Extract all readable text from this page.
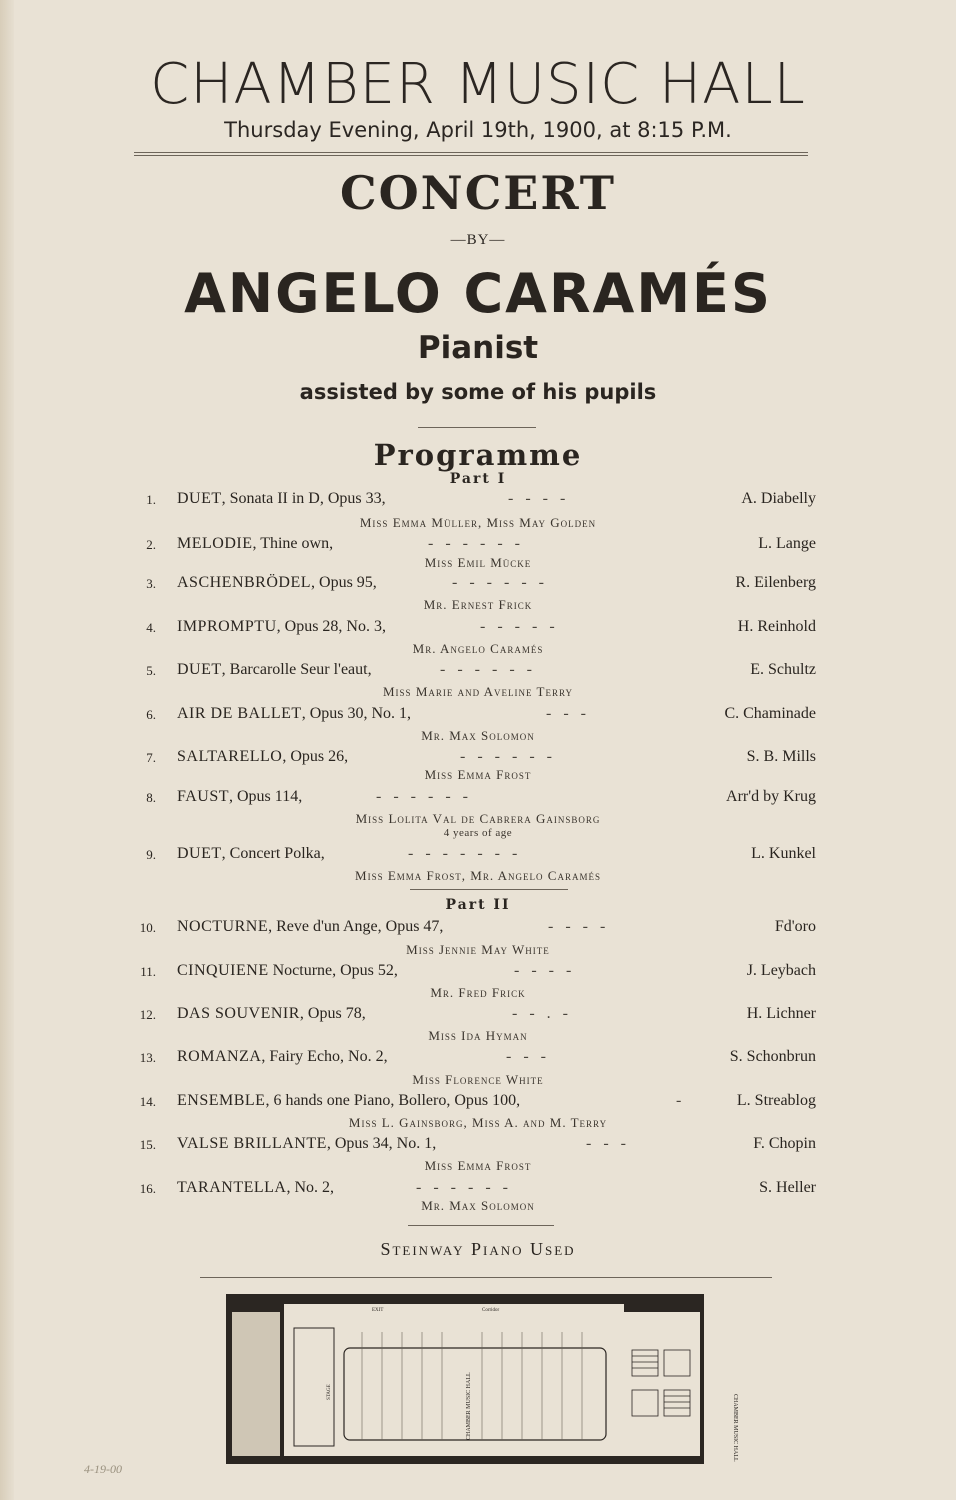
CHAMBER MUSIC HALL
Thursday Evening, April 19th, 1900, at 8:15 P.M.
CONCERT
—BY—
ANGELO CARAMÉS
Pianist
assisted by some of his pupils
Programme
Part I
1. DUET, Sonata II in D, Opus 33,	-   -   -   -	A. Diabelly
Miss Emma Müller, Miss May Golden
2. MELODIE, Thine own,	-   -   -   -   -   -	L. Lange
Miss Emil Mücke
3. ASCHENBRÖDEL, Opus 95,	-   -   -   -   -   -	R. Eilenberg
Mr. Ernest Frick
4. IMPROMPTU, Opus 28, No. 3,	-   -   -   -   -	H. Reinhold
Mr. Angelo Caramés
5. DUET, Barcarolle Seur l'eaut,	-   -   -   -   -   -	E. Schultz
Miss Marie and Aveline Terry
6. AIR DE BALLET, Opus 30, No. 1,	-   -   -	C. Chaminade
Mr. Max Solomon
7. SALTARELLO, Opus 26,	-   -   -   -   -   -	S. B. Mills
Miss Emma Frost
8. FAUST, Opus 114,	-   -   -   -   -   -	Arr'd by Krug
Miss Lolita Val de Cabrera Gainsborg
4 years of age
9. DUET, Concert Polka,	-   -   -   -   -   -   -	L. Kunkel
Miss Emma Frost, Mr. Angelo Caramés
10. NOCTURNE, Reve d'un Ange, Opus 47,	-   -   -   -	Fd'oro
Miss Jennie May White
11. CINQUIENE Nocturne, Opus 52,	-   -   -   -	J. Leybach
Mr. Fred Frick
12. DAS SOUVENIR, Opus 78,	-   -   .   -	H. Lichner
Miss Ida Hyman
13. ROMANZA, Fairy Echo, No. 2,	-   -   -	S. Schonbrun
Miss Florence White
14. ENSEMBLE, 6 hands one Piano, Bollero, Opus 100,	-	L. Streablog
Miss L. Gainsborg, Miss A. and M. Terry
15. VALSE BRILLANTE, Opus 34, No. 1,	-   -   -	F. Chopin
Miss Emma Frost
16. TARANTELLA, No. 2,	-   -   -   -   -   -	S. Heller
Mr. Max Solomon
Part II
Steinway Piano Used
EXIT	Corridor
STAGE	CHAMBER MUSIC HALL	CHAMBER MUSIC HALL
4-19-00
